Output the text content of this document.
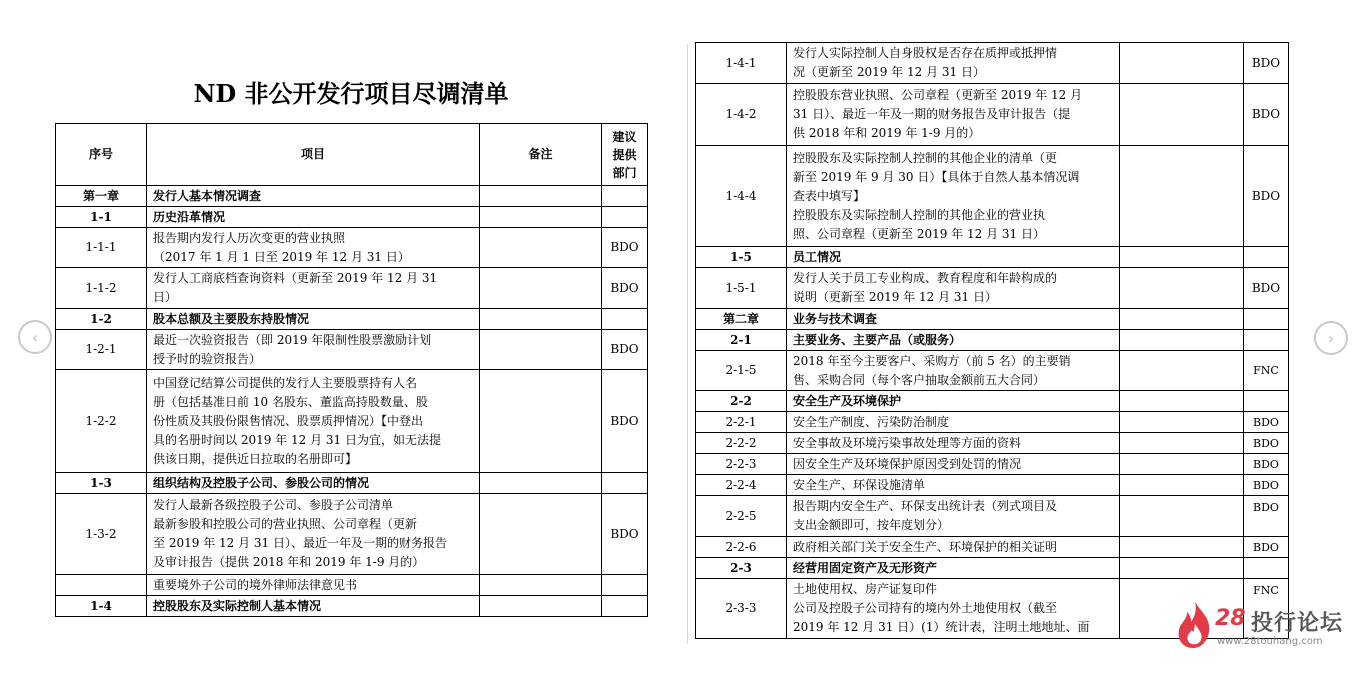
ND 非公开发行项目尽调清单
序号	项目	备注	建议
提供
部门

第一章	发行人基本情况调查		
1-1	历史沿革情况		
1-1-1	报告期内发行人历次变更的营业执照
（2017 年 1 月 1 日至 2019 年 12 月 31 日）		BDO
1-1-2	发行人工商底档查询资料（更新至 2019 年 12 月 31
日）		BDO
1-2	股本总额及主要股东持股情况		
1-2-1	最近一次验资报告（即 2019 年限制性股票激励计划
授予时的验资报告）		BDO
1-2-2	中国登记结算公司提供的发行人主要股票持有人名
册（包括基准日前 10 名股东、董监高持股数量、股
份性质及其股份限售情况、股票质押情况）【中登出
具的名册时间以 2019 年 12 月 31 日为宜，如无法提
供该日期，提供近日拉取的名册即可】		BDO
1-3	组织结构及控股子公司、参股公司的情况		
1-3-2	发行人最新各级控股子公司、参股子公司清单
最新参股和控股公司的营业执照、公司章程（更新
至 2019 年 12 月 31 日）、最近一年及一期的财务报告
及审计报告（提供 2018 年和 2019 年 1-9 月的）		BDO
	重要境外子公司的境外律师法律意见书		
1-4	控股股东及实际控制人基本情况		
1-4-1	发行人实际控制人自身股权是否存在质押或抵押情
况（更新至 2019 年 12 月 31 日）		BDO
1-4-2	控股股东营业执照、公司章程（更新至 2019 年 12 月
31 日）、最近一年及一期的财务报告及审计报告（提
供 2018 年和 2019 年 1-9 月的）		BDO
1-4-4	控股股东及实际控制人控制的其他企业的清单（更
新至 2019 年 9 月 30 日）【具体于自然人基本情况调
查表中填写】
控股股东及实际控制人控制的其他企业的营业执
照、公司章程（更新至 2019 年 12 月 31 日）		BDO
1-5	员工情况		
1-5-1	发行人关于员工专业构成、教育程度和年龄构成的
说明（更新至 2019 年 12 月 31 日）		BDO
第二章	业务与技术调查		
2-1	主要业务、主要产品（或服务）		
2-1-5	2018 年至今主要客户、采购方（前 5 名）的主要销
售、采购合同（每个客户抽取金额前五大合同）		FNC
2-2	安全生产及环境保护		
2-2-1	安全生产制度、污染防治制度		BDO
2-2-2	安全事故及环境污染事故处理等方面的资料		BDO
2-2-3	因安全生产及环境保护原因受到处罚的情况		BDO
2-2-4	安全生产、环保设施清单		BDO
2-2-5	报告期内安全生产、环保支出统计表（列式项目及
支出金额即可，按年度划分）		BDO
2-2-6	政府相关部门关于安全生产、环境保护的相关证明		BDO
2-3	经营用固定资产及无形资产		
2-3-3	土地使用权、房产证复印件
公司及控股子公司持有的境内外土地使用权（截至
2019 年 12 月 31 日）(1）统计表，注明土地地址、面		FNC
‹	›
28 投行论坛
www.28touhang.com
